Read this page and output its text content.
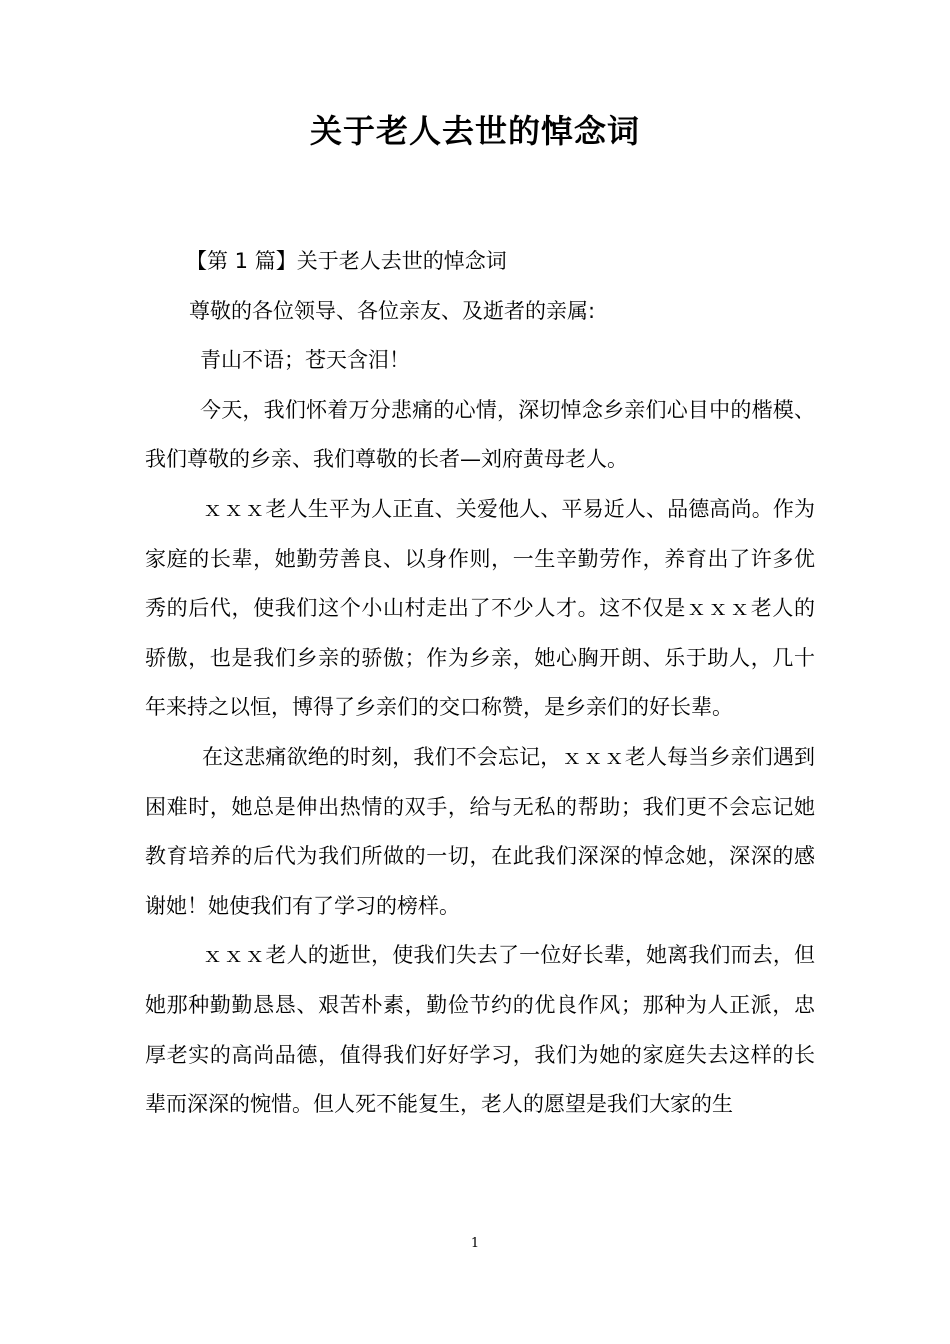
关于老人去世的悼念词

【第 1 篇】关于老人去世的悼念词

尊敬的各位领导、各位亲友、及逝者的亲属:

青山不语；苍天含泪！

今天，我们怀着万分悲痛的心情，深切悼念乡亲们心目中的楷模、我们尊敬的乡亲、我们尊敬的长者—刘府黄母老人。

ｘｘｘ老人生平为人正直、关爱他人、平易近人、品德高尚。作为家庭的长辈，她勤劳善良、以身作则，一生辛勤劳作，养育出了许多优秀的后代，使我们这个小山村走出了不少人才。这不仅是ｘｘｘ老人的骄傲，也是我们乡亲的骄傲；作为乡亲，她心胸开朗、乐于助人，几十年来持之以恒，博得了乡亲们的交口称赞，是乡亲们的好长辈。

在这悲痛欲绝的时刻，我们不会忘记，ｘｘｘ老人每当乡亲们遇到困难时，她总是伸出热情的双手，给与无私的帮助；我们更不会忘记她教育培养的后代为我们所做的一切，在此我们深深的悼念她，深深的感谢她！她使我们有了学习的榜样。

ｘｘｘ老人的逝世，使我们失去了一位好长辈，她离我们而去，但她那种勤勤恳恳、艰苦朴素，勤俭节约的优良作风；那种为人正派，忠厚老实的高尚品德，值得我们好好学习，我们为她的家庭失去这样的长辈而深深的惋惜。但人死不能复生，老人的愿望是我们大家的生

1
